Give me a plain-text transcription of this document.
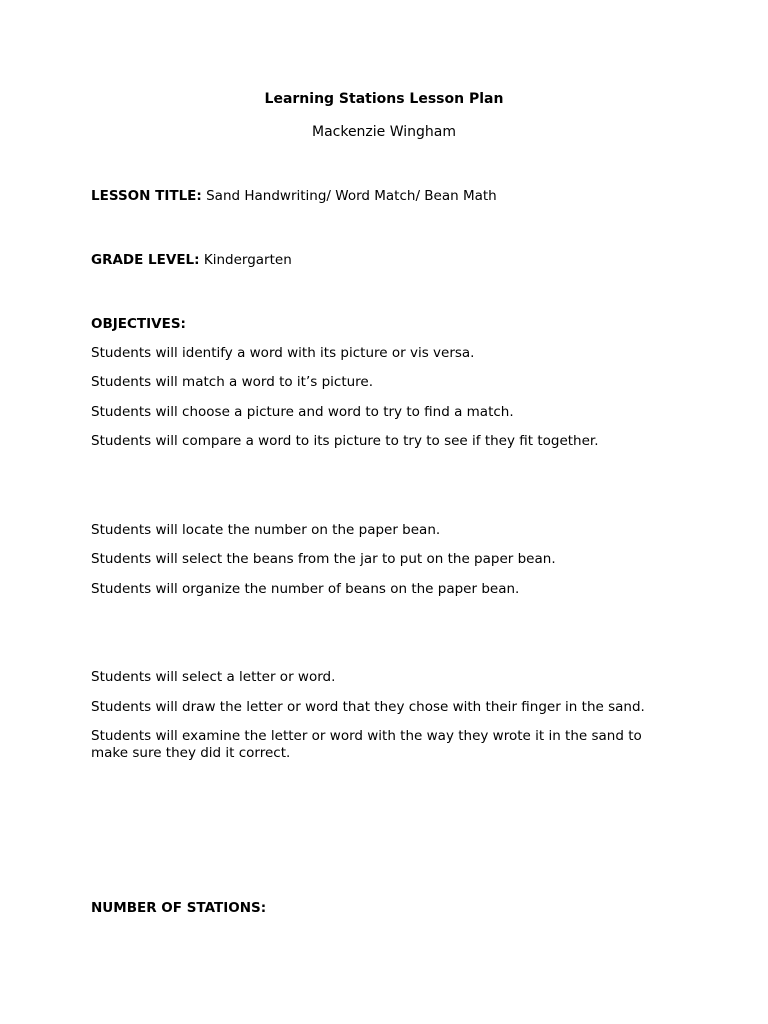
Learning Stations Lesson Plan
Mackenzie Wingham
LESSON TITLE: Sand Handwriting/ Word Match/ Bean Math
GRADE LEVEL: Kindergarten
OBJECTIVES:
Students will identify a word with its picture or vis versa.
Students will match a word to it’s picture.
Students will choose a picture and word to try to find a match.
Students will compare a word to its picture to try to see if they fit together.
Students will locate the number on the paper bean.
Students will select the beans from the jar to put on the paper bean.
Students will organize the number of beans on the paper bean.
Students will select a letter or word.
Students will draw the letter or word that they chose with their finger in the sand.
Students will examine the letter or word with the way they wrote it in the sand to make sure they did it correct.
NUMBER OF STATIONS:
